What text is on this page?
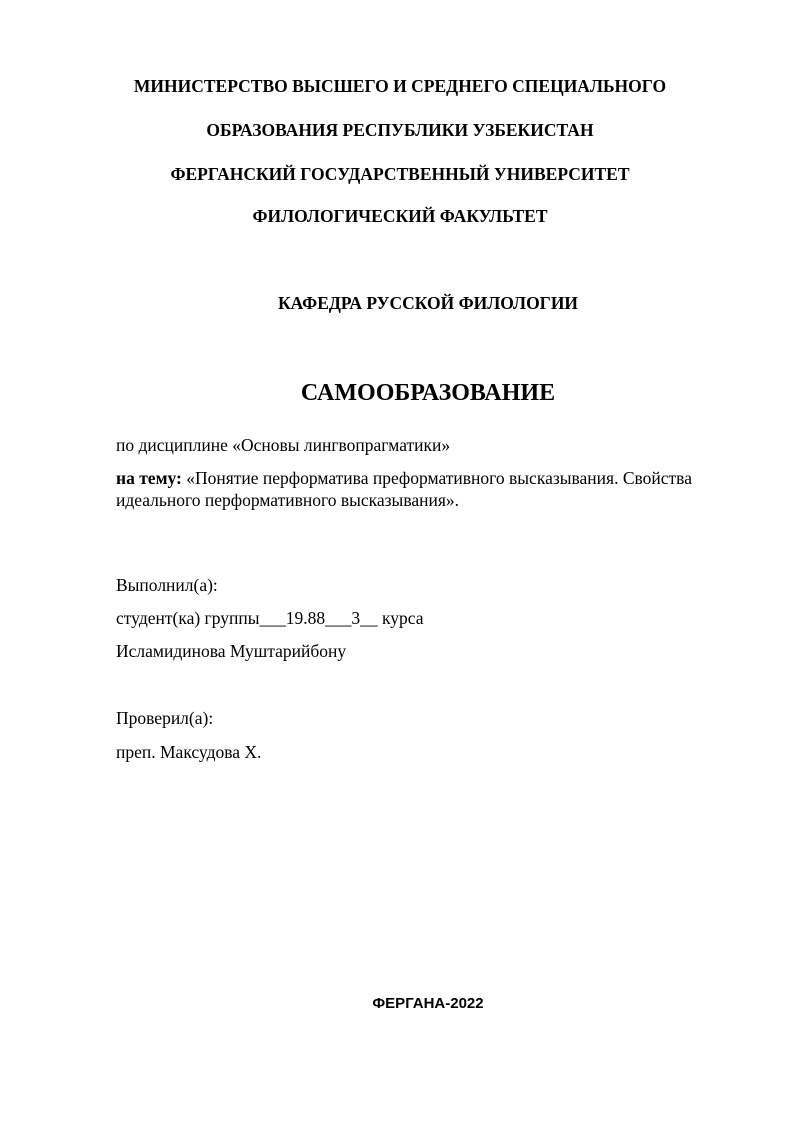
МИНИСТЕРСТВО ВЫСШЕГО И СРЕДНЕГО СПЕЦИАЛЬНОГО
ОБРАЗОВАНИЯ РЕСПУБЛИКИ УЗБЕКИСТАН
ФЕРГАНСКИЙ ГОСУДАРСТВЕННЫЙ УНИВЕРСИТЕТ
ФИЛОЛОГИЧЕСКИЙ ФАКУЛЬТЕТ
КАФЕДРА РУССКОЙ ФИЛОЛОГИИ
САМООБРАЗОВАНИЕ
по дисциплине «Основы лингвопрагматики»
на тему: «Понятие перформатива преформативного высказывания. Свойства
идеального перформативного высказывания».
Выполнил(а):
студент(ка) группы___19.88___3__ курса
Исламидинова Муштарийбону
Проверил(а):
преп. Максудова Х.
ФЕРГАНА-2022
